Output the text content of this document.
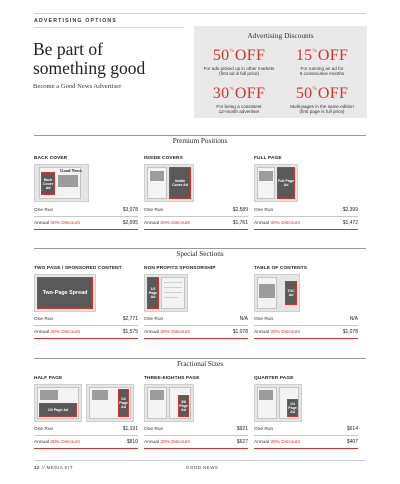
ADVERTISING OPTIONS
Be part of
something good
Become a Good News Advertiser
Advertising Discounts
50%OFF
For ads picked up in other markets
(first ad is full price)
15%OFF
For running an ad for
6 consecutive months
30%OFF
For being a consistent
12-month advertiser
50%OFF
Multi-pages in the same edition
(first page is full price)
Premium Positions
BACK COVER
Good News
Back Cover Ad
One Run	$3,078
Annual 30% Discount	$2,095
INSIDE COVERS
Inside Cover Ad
One Run	$2,589
Annual 30% Discount	$1,761
FULL PAGE
Full Page Ad
One Run	$2,399
Annual 30% Discount	$1,472
Special Sections
TWO PAGE / SPONSORED CONTENT
Two-Page Spread
One Run	$2,771
Annual 30% Discount	$1,575
NON PROFITS SPONSORSHIP
1/2 Page Ad
One Run	N/A
Annual 30% Discount	$1,078
TABLE OF CONTENTS
TOC Ad
One Run	N/A
Annual 30% Discount	$1,078
Fractional Sizes
HALF PAGE
1/2 Page Ad
1/2 Page Ad
One Run	$1,191
Annual 30% Discount	$810
THREE-EIGHTHS PAGE
3/8 Page Ad
One Run	$921
Annual 30% Discount	$627
QUARTER PAGE
1/4 Page Ad
One Run	$614
Annual 30% Discount	$407
12 // MEDIA KIT	GOOD NEWS
